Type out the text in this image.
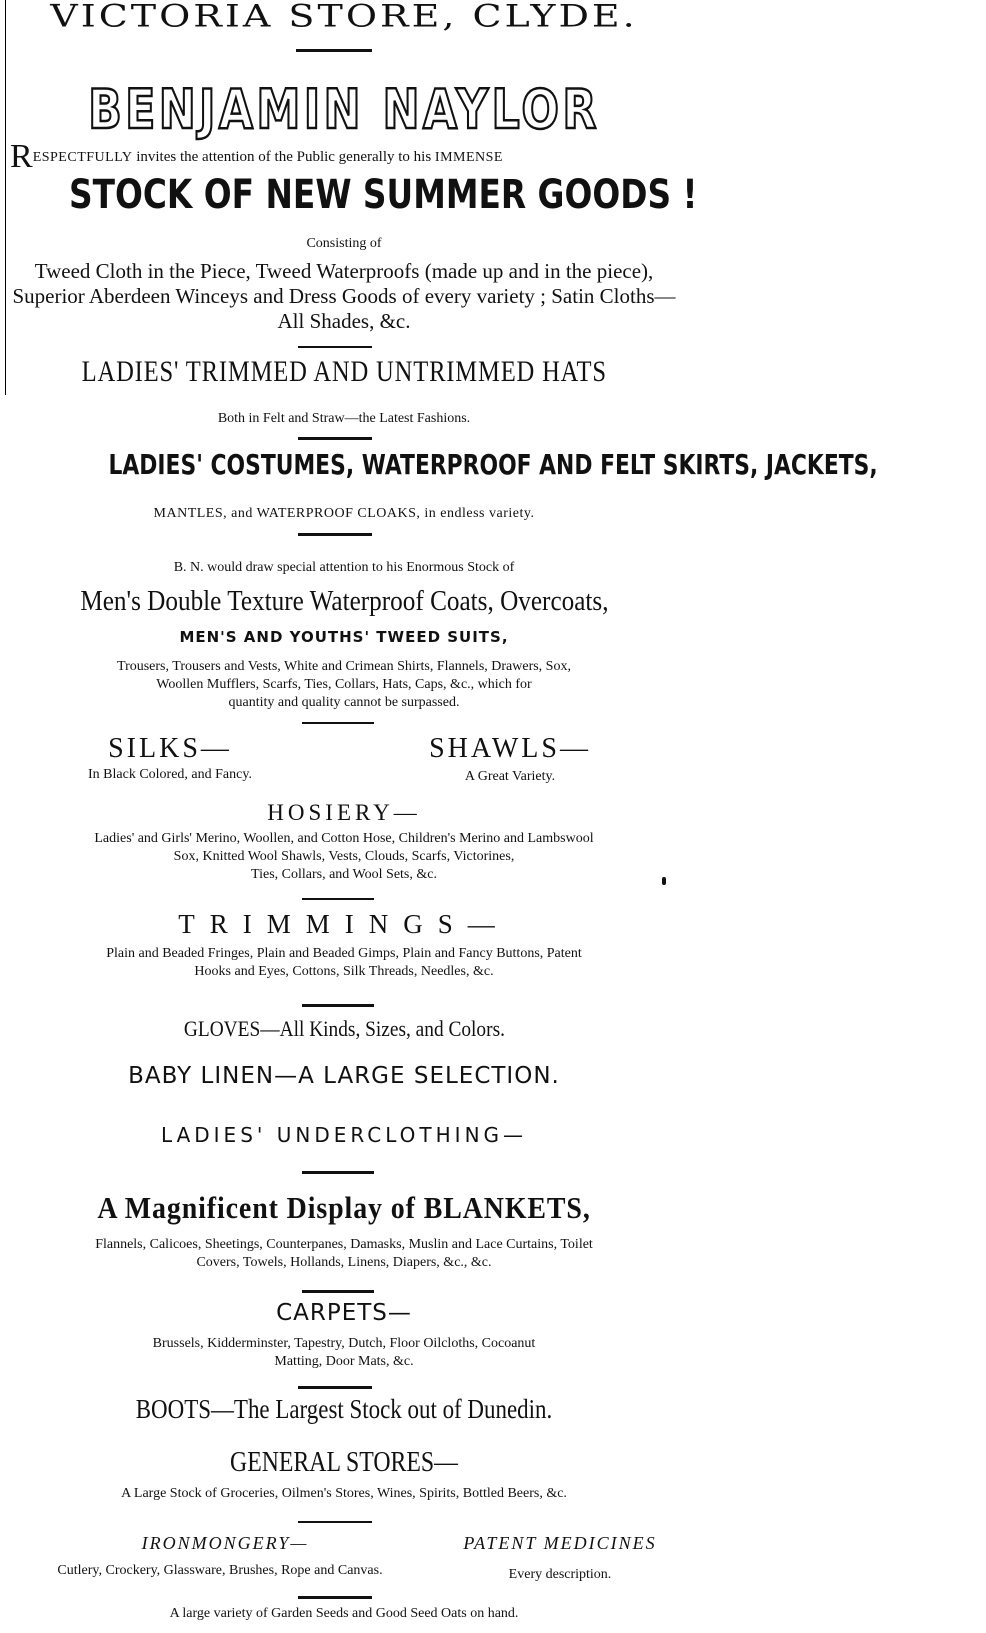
VICTORIA STORE, CLYDE.
BENJAMIN NAYLOR
RESPECTFULLY invites the attention of the Public generally to his IMMENSE
STOCK OF NEW SUMMER GOODS !
Consisting of
Tweed Cloth in the Piece, Tweed Waterproofs (made up and in the piece), Superior Aberdeen Winceys and Dress Goods of every variety ; Satin Cloths—All Shades, &c.
LADIES' TRIMMED AND UNTRIMMED HATS
Both in Felt and Straw—the Latest Fashions.
LADIES' COSTUMES, WATERPROOF AND FELT SKIRTS, JACKETS,
MANTLES, and WATERPROOF CLOAKS, in endless variety.
B. N. would draw special attention to his Enormous Stock of
Men's Double Texture Waterproof Coats, Overcoats,
MEN'S AND YOUTHS' TWEED SUITS,
Trousers, Trousers and Vests, White and Crimean Shirts, Flannels, Drawers, Sox,
Woollen Mufflers, Scarfs, Ties, Collars, Hats, Caps, &c., which for
quantity and quality cannot be surpassed.
SILKS—
In Black Colored, and Fancy.
SHAWLS—
A Great Variety.
HOSIERY—
Ladies' and Girls' Merino, Woollen, and Cotton Hose, Children's Merino and Lambswool
Sox, Knitted Wool Shawls, Vests, Clouds, Scarfs, Victorines,
Ties, Collars, and Wool Sets, &c.
TRIMMINGS—
Plain and Beaded Fringes, Plain and Beaded Gimps, Plain and Fancy Buttons, Patent
Hooks and Eyes, Cottons, Silk Threads, Needles, &c.
GLOVES—All Kinds, Sizes, and Colors.
BABY LINEN—A LARGE SELECTION.
LADIES' UNDERCLOTHING—
A Magnificent Display of BLANKETS,
Flannels, Calicoes, Sheetings, Counterpanes, Damasks, Muslin and Lace Curtains, Toilet
Covers, Towels, Hollands, Linens, Diapers, &c., &c.
CARPETS—
Brussels, Kidderminster, Tapestry, Dutch, Floor Oilcloths, Cocoanut
Matting, Door Mats, &c.
BOOTS—The Largest Stock out of Dunedin.
GENERAL STORES—
A Large Stock of Groceries, Oilmen's Stores, Wines, Spirits, Bottled Beers, &c.
IRONMONGERY—
Cutlery, Crockery, Glassware, Brushes, Rope and Canvas.
PATENT MEDICINES
Every description.
A large variety of Garden Seeds and Good Seed Oats on hand.
